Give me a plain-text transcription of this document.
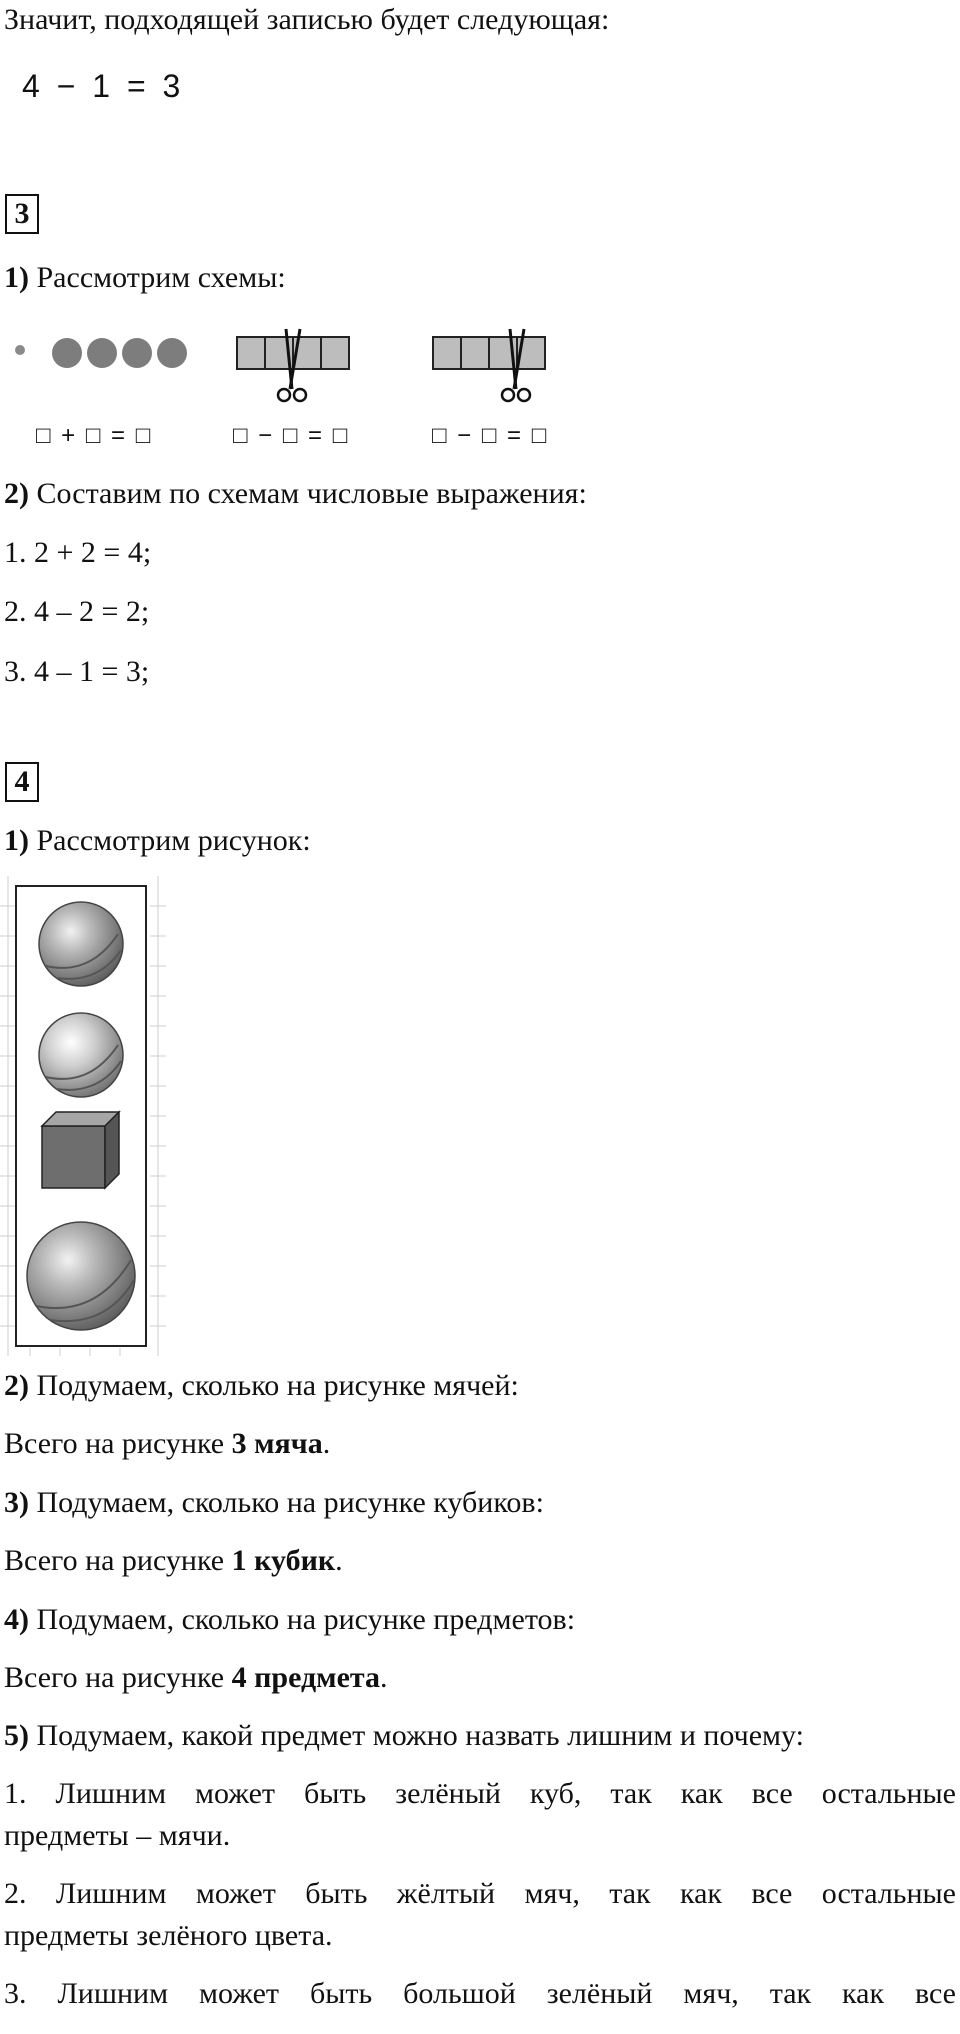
Значит, подходящей записью будет следующая:
4 − 1 = 3
3
1) Рассмотрим схемы:
□ + □ = □	□ − □ = □	□ − □ = □
2) Составим по схемам числовые выражения:
1. 2 + 2 = 4;
2. 4 – 2 = 2;
3. 4 – 1 = 3;
4
1) Рассмотрим рисунок:
2) Подумаем, сколько на рисунке мячей:
Всего на рисунке 3 мяча.
3) Подумаем, сколько на рисунке кубиков:
Всего на рисунке 1 кубик.
4) Подумаем, сколько на рисунке предметов:
Всего на рисунке 4 предмета.
5) Подумаем, какой предмет можно назвать лишним и почему:
1. Лишним может быть зелёный куб, так как все остальные
предметы – мячи.
2. Лишним может быть жёлтый мяч, так как все остальные
предметы зелёного цвета.
3. Лишним может быть большой зелёный мяч, так как все
